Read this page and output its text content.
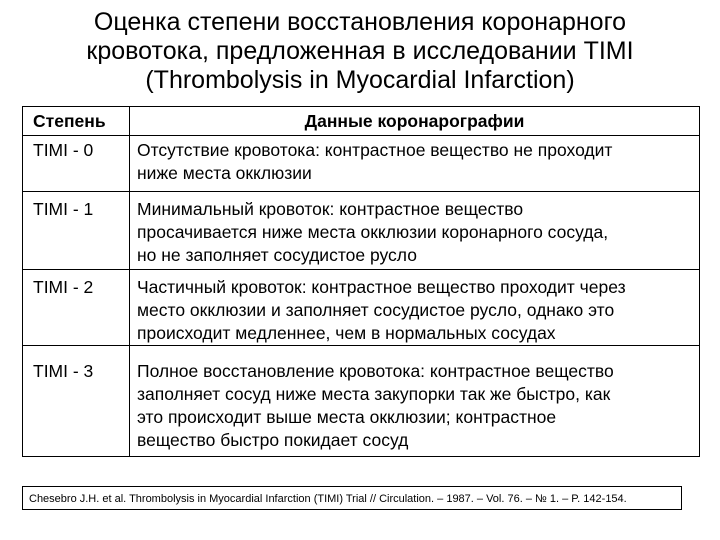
Оценка степени восстановления коронарного
кровотока, предложенная в исследовании TIMI
(Thrombolysis in Myocardial Infarction)
Степень	Данные коронарографии
TIMI - 0	Отсутствие кровотока: контрастное вещество не проходит
ниже места окклюзии

TIMI - 1	Минимальный кровоток: контрастное вещество
просачивается ниже места окклюзии коронарного сосуда,
но не заполняет сосудистое русло

TIMI - 2	Частичный кровоток: контрастное вещество проходит через
место окклюзии и заполняет сосудистое русло, однако это
происходит медленнее, чем в нормальных сосудах

TIMI - 3	Полное восстановление кровотока: контрастное вещество
заполняет сосуд ниже места закупорки так же быстро, как
это происходит выше места окклюзии; контрастное
вещество быстро покидает сосуд
Chesebro J.H. et al. Thrombolysis in Myocardial Infarction (TIMI) Trial // Circulation. – 1987. – Vol. 76. – № 1. – P. 142-154.
